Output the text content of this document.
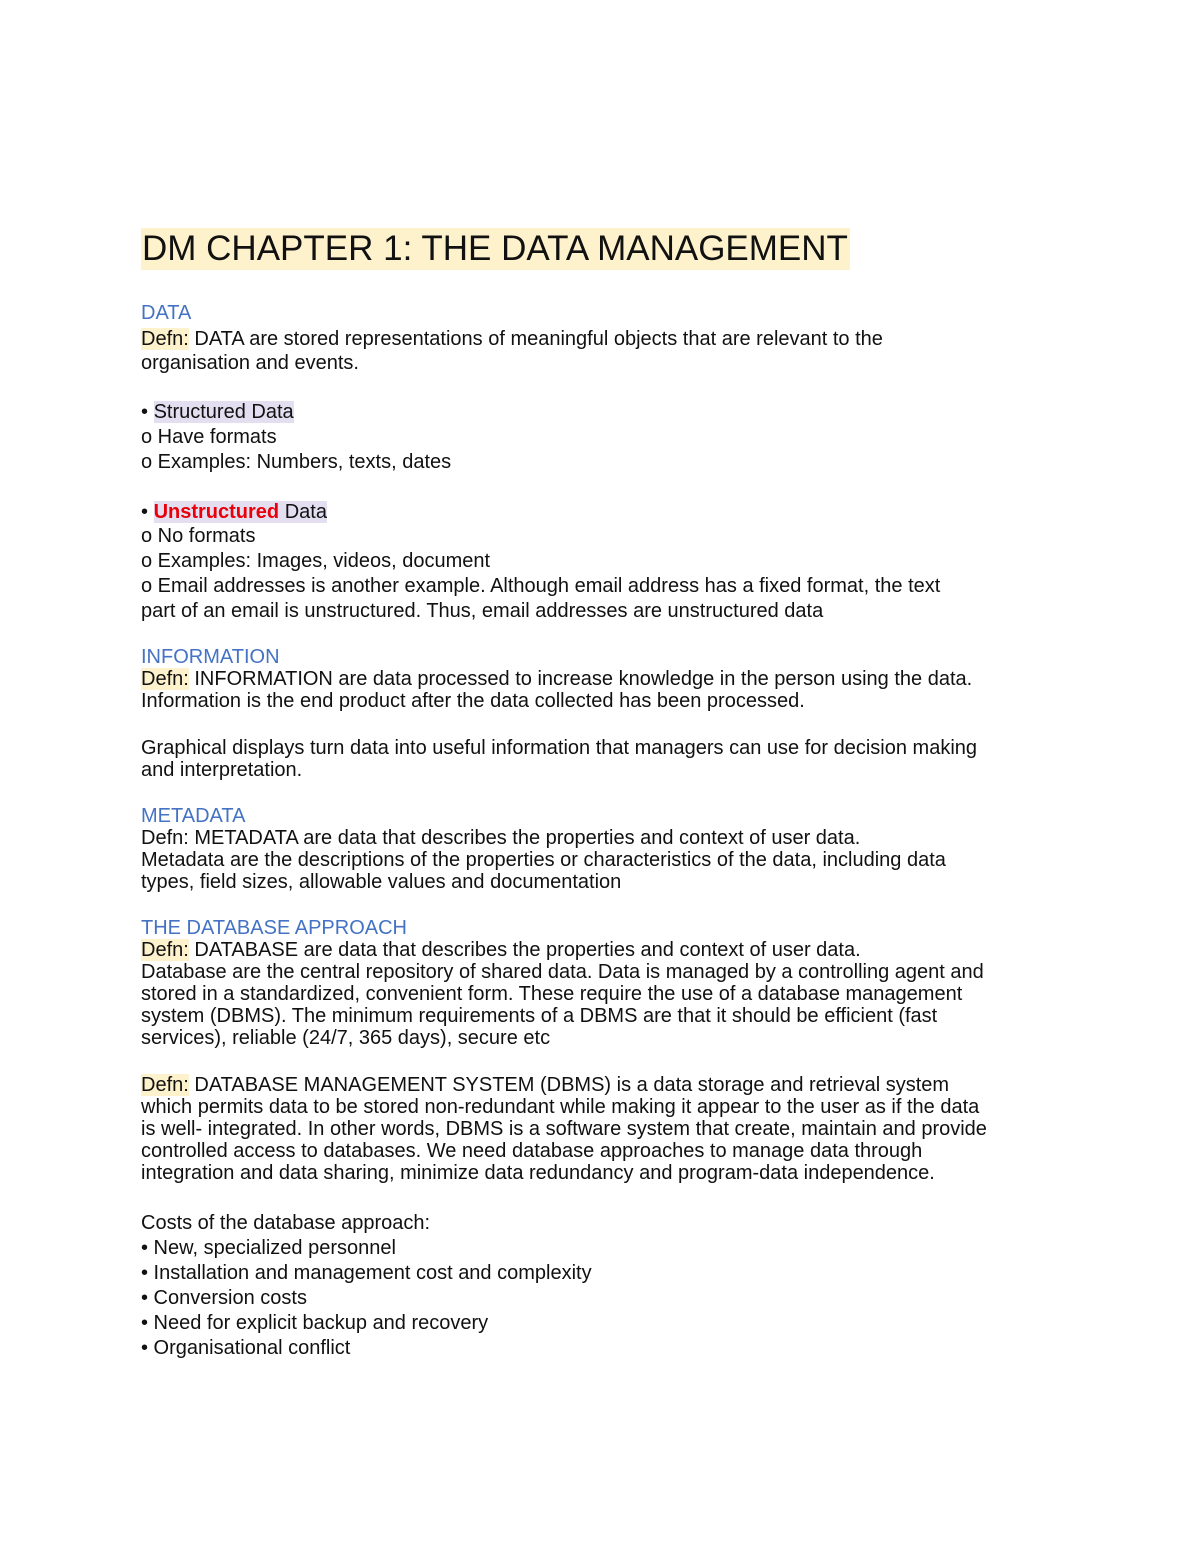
DM CHAPTER 1: THE DATA MANAGEMENT

DATA

Defn: DATA are stored representations of meaningful objects that are relevant to the

organisation and events.

• Structured Data

o Have formats

o Examples: Numbers, texts, dates

• Unstructured Data

o No formats

o Examples: Images, videos, document

o Email addresses is another example. Although email address has a fixed format, the text

part of an email is unstructured. Thus, email addresses are unstructured data

INFORMATION

Defn: INFORMATION are data processed to increase knowledge in the person using the data.

Information is the end product after the data collected has been processed.

Graphical displays turn data into useful information that managers can use for decision making

and interpretation.

METADATA

Defn: METADATA are data that describes the properties and context of user data.

Metadata are the descriptions of the properties or characteristics of the data, including data

types, field sizes, allowable values and documentation

THE DATABASE APPROACH

Defn: DATABASE are data that describes the properties and context of user data.

Database are the central repository of shared data. Data is managed by a controlling agent and

stored in a standardized, convenient form. These require the use of a database management

system (DBMS). The minimum requirements of a DBMS are that it should be efficient (fast

services), reliable (24/7, 365 days), secure etc

Defn: DATABASE MANAGEMENT SYSTEM (DBMS) is a data storage and retrieval system

which permits data to be stored non-redundant while making it appear to the user as if the data

is well- integrated. In other words, DBMS is a software system that create, maintain and provide

controlled access to databases. We need database approaches to manage data through

integration and data sharing, minimize data redundancy and program-data independence.

Costs of the database approach:

• New, specialized personnel

• Installation and management cost and complexity

• Conversion costs

• Need for explicit backup and recovery

• Organisational conflict
